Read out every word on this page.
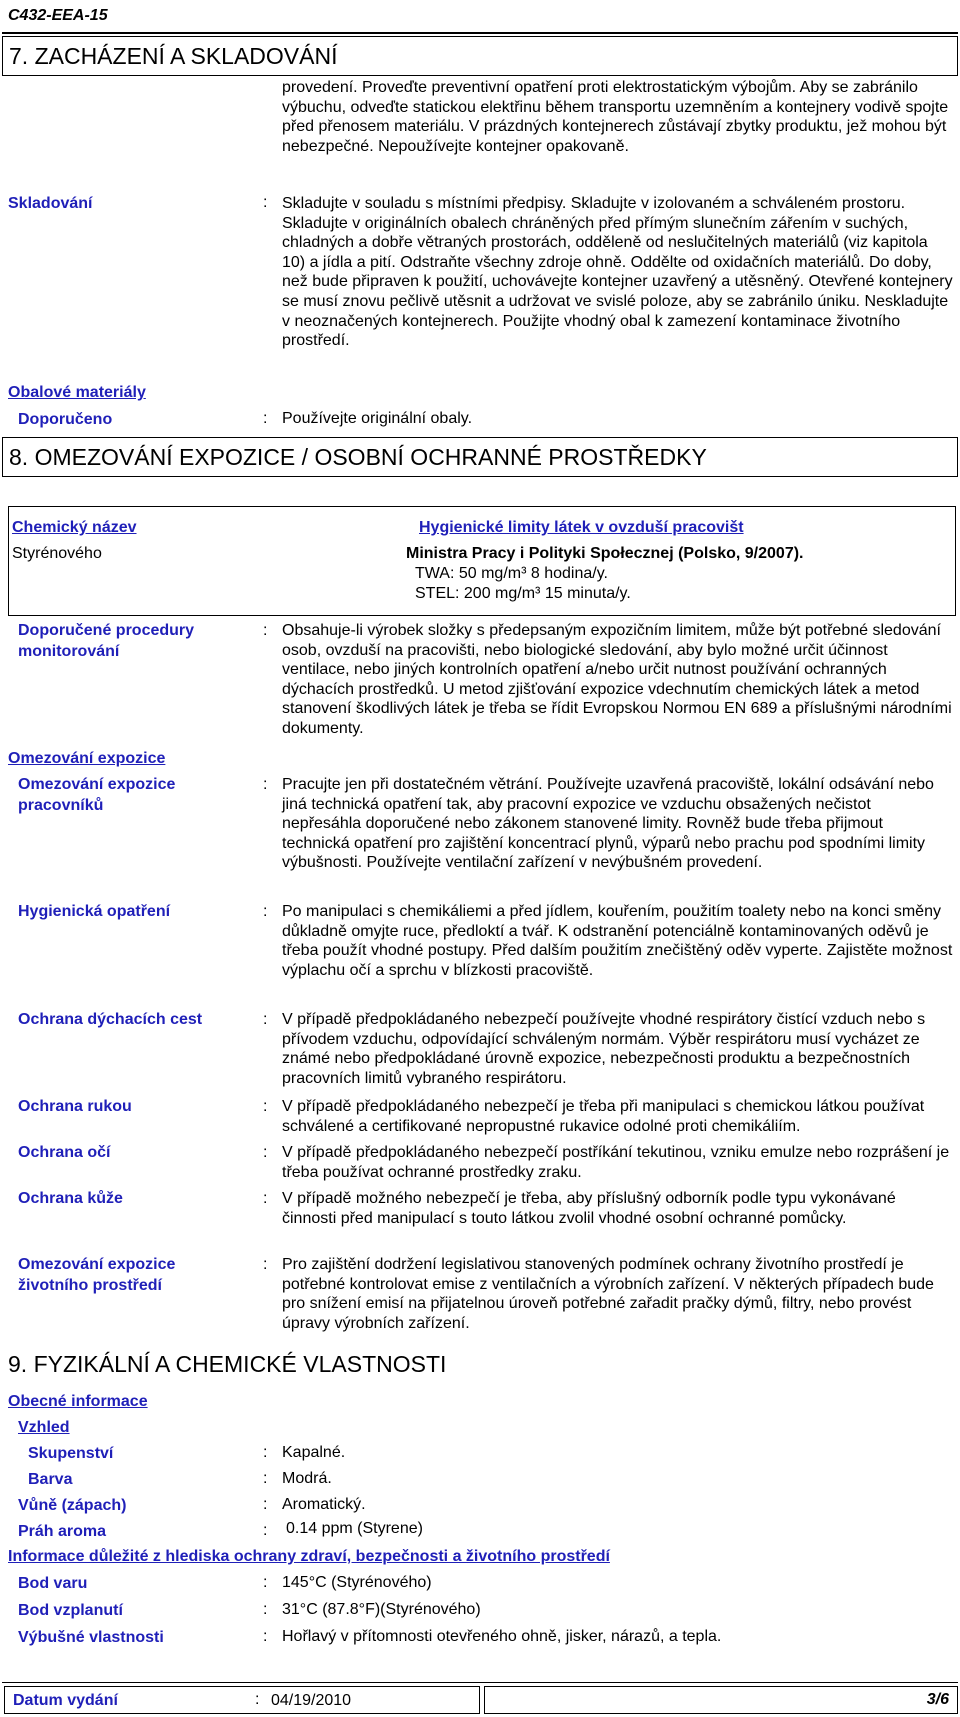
C432-EEA-15
7. ZACHÁZENÍ A SKLADOVÁNÍ
provedení. Proveďte preventivní opatření proti elektrostatickým výbojům. Aby se zabránilo výbuchu, odveďte statickou elektřinu během transportu uzemněním a kontejnery vodivě spojte před přenosem materiálu. V prázdných kontejnerech zůstávají zbytky produktu, jež mohou být nebezpečné. Nepoužívejte kontejner opakovaně.
Skladování	: Skladujte v souladu s místními předpisy. Skladujte v izolovaném a schváleném prostoru. Skladujte v originálních obalech chráněných před přímým slunečním zářením v suchých, chladných a dobře větraných prostorách, odděleně od neslučitelných materiálů (viz kapitola 10) a jídla a pití. Odstraňte všechny zdroje ohně. Oddělte od oxidačních materiálů. Do doby, než bude připraven k použití, uchovávejte kontejner uzavřený a utěsněný. Otevřené kontejnery se musí znovu pečlivě utěsnit a udržovat ve svislé poloze, aby se zabránilo úniku. Neskladujte v neoznačených kontejnerech. Použijte vhodný obal k zamezení kontaminace životního prostředí.
Obalové materiály
Doporučeno	: Používejte originální obaly.
8. OMEZOVÁNÍ EXPOZICE / OSOBNÍ OCHRANNÉ PROSTŘEDKY
Chemický název	Hygienické limity látek v ovzduší pracovišt
Styrénového	Ministra Pracy i Polityki Społecznej (Polsko, 9/2007).
TWA: 50 mg/m³ 8 hodina/y.
STEL: 200 mg/m³ 15 minuta/y.
Doporučené procedury monitorování
: Obsahuje-li výrobek složky s předepsaným expozičním limitem, může být potřebné sledování osob, ovzduší na pracovišti, nebo biologické sledování, aby bylo možné určit účinnost ventilace, nebo jiných kontrolních opatření a/nebo určit nutnost používání ochranných dýchacích prostředků. U metod zjišťování expozice vdechnutím chemických látek a metod stanovení škodlivých látek je třeba se řídit Evropskou Normou EN 689 a příslušnými národními dokumenty.
Omezování expozice
Omezování expozice pracovníků
: Pracujte jen při dostatečném větrání. Používejte uzavřená pracoviště, lokální odsávání nebo jiná technická opatření tak, aby pracovní expozice ve vzduchu obsažených nečistot nepřesáhla doporučené nebo zákonem stanovené limity. Rovněž bude třeba přijmout technická opatření pro zajištění koncentrací plynů, výparů nebo prachu pod spodními limity výbušnosti. Používejte ventilační zařízení v nevýbušném provedení.
Hygienická opatření	: Po manipulaci s chemikáliemi a před jídlem, kouřením, použitím toalety nebo na konci směny důkladně omyjte ruce, předloktí a tvář. K odstranění potenciálně kontaminovaných oděvů je třeba použít vhodné postupy. Před dalším použitím znečištěný oděv vyperte. Zajistěte možnost výplachu očí a sprchu v blízkosti pracoviště.
Ochrana dýchacích cest	: V případě předpokládaného nebezpečí používejte vhodné respirátory čistící vzduch nebo s přívodem vzduchu, odpovídající schváleným normám. Výběr respirátoru musí vycházet ze známé nebo předpokládané úrovně expozice, nebezpečnosti produktu a bezpečnostních pracovních limitů vybraného respirátoru.
Ochrana rukou	: V případě předpokládaného nebezpečí je třeba při manipulaci s chemickou látkou používat schválené a certifikované nepropustné rukavice odolné proti chemikáliím.
Ochrana očí	: V případě předpokládaného nebezpečí postříkání tekutinou, vzniku emulze nebo rozprášení je třeba používat ochranné prostředky zraku.
Ochrana kůže	: V případě možného nebezpečí je třeba, aby příslušný odborník podle typu vykonávané činnosti před manipulací s touto látkou zvolil vhodné osobní ochranné pomůcky.
Omezování expozice životního prostředí
: Pro zajištění dodržení legislativou stanovených podmínek ochrany životního prostředí je potřebné kontrolovat emise z ventilačních a výrobních zařízení. V některých případech bude pro snížení emisí na přijatelnou úroveň potřebné zařadit pračky dýmů, filtry, nebo provést úpravy výrobních zařízení.
9. FYZIKÁLNÍ A CHEMICKÉ VLASTNOSTI
Obecné informace
Vzhled
Skupenství	: Kapalné.
Barva	: Modrá.
Vůně (zápach)	: Aromatický.
Práh aroma	: 0.14 ppm (Styrene)
Informace důležité z hlediska ochrany zdraví, bezpečnosti a životního prostředí
Bod varu	: 145°C (Styrénového)
Bod vzplanutí	: 31°C (87.8°F)(Styrénového)
Výbušné vlastnosti	: Hořlavý v přítomnosti otevřeného ohně, jisker, nárazů, a tepla.
Datum vydání	: 04/19/2010	3/6
